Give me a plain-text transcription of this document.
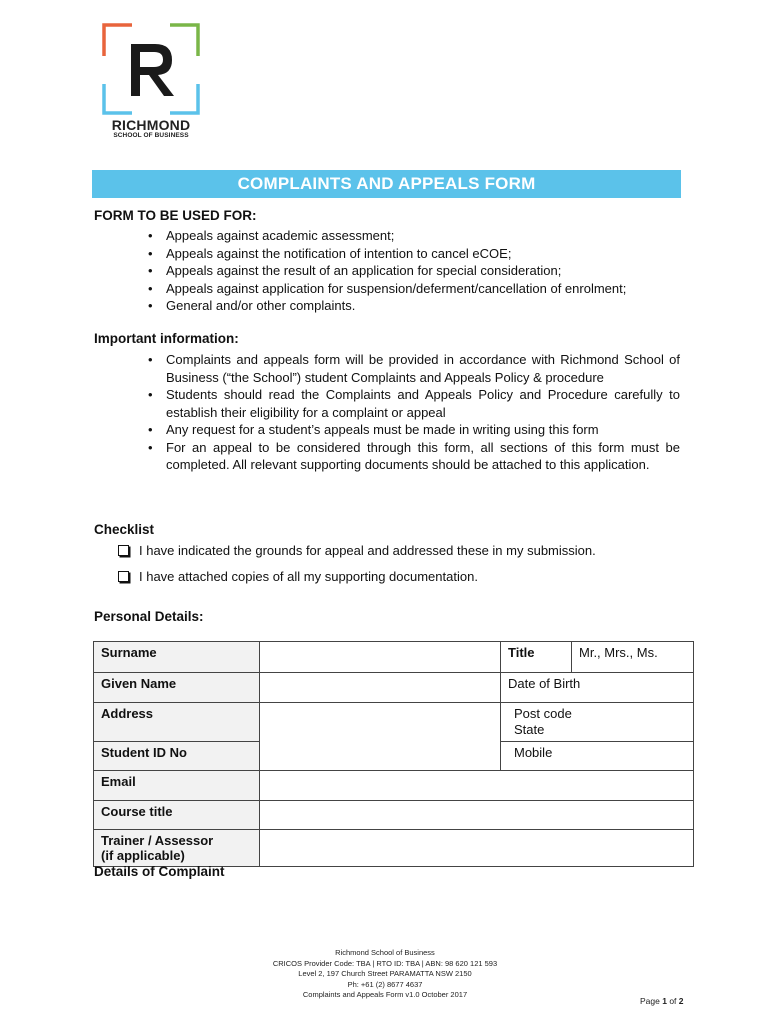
RICHMOND
SCHOOL OF BUSINESS
COMPLAINTS AND APPEALS FORM
FORM TO BE USED FOR:
• Appeals against academic assessment;
• Appeals against the notification of intention to cancel eCOE;
• Appeals against the result of an application for special consideration;
• Appeals against application for suspension/deferment/cancellation of enrolment;
• General and/or other complaints.
Important information:
• Complaints and appeals form will be provided in accordance with Richmond School of Business (“the School”) student Complaints and Appeals Policy & procedure
• Students should read the Complaints and Appeals Policy and Procedure carefully to establish their eligibility for a complaint or appeal
• Any request for a student’s appeals must be made in writing using this form
• For an appeal to be considered through this form, all sections of this form must be completed. All relevant supporting documents should be attached to this application.
Checklist
I have indicated the grounds for appeal and addressed these in my submission.
I have attached copies of all my supporting documentation.
Personal Details:
Surname		Title	Mr., Mrs., Ms.
Given Name		Date of Birth	
Address		Post code
State	

Student ID No		Mobile	
Email			
Course title			

Trainer / Assessor
(if applicable)			

Details of Complaint
Richmond School of Business
CRICOS Provider Code: TBA | RTO ID: TBA | ABN: 98 620 121 593
Level 2, 197 Church Street PARAMATTA NSW 2150
Ph: +61 (2) 8677 4637
Complaints and Appeals Form v1.0 October 2017
Page 1 of 2
